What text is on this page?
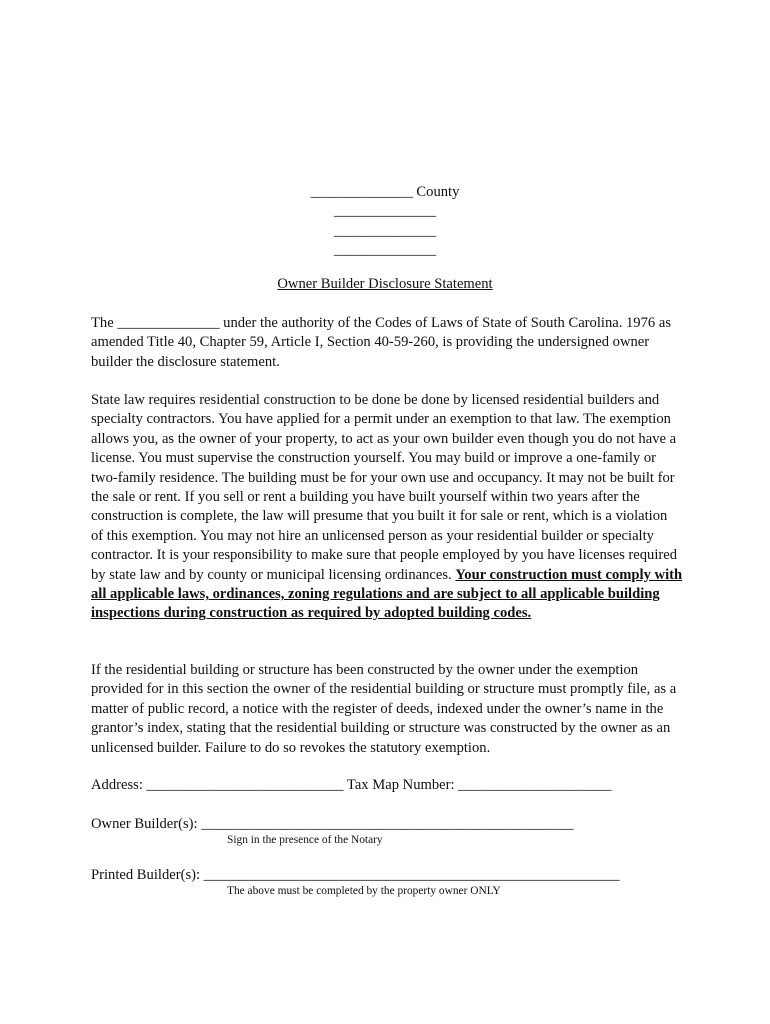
______________ County
______________
______________
______________
Owner Builder Disclosure Statement

The ______________ under the authority of the Codes of Laws of State of South Carolina. 1976 as amended Title 40, Chapter 59, Article I, Section 40-59-260, is providing the undersigned owner builder the disclosure statement.

State law requires residential construction to be done be done by licensed residential builders and specialty contractors. You have applied for a permit under an exemption to that law. The exemption allows you, as the owner of your property, to act as your own builder even though you do not have a license. You must supervise the construction yourself. You may build or improve a one-family or two-family residence. The building must be for your own use and occupancy. It may not be built for the sale or rent. If you sell or rent a building you have built yourself within two years after the construction is complete, the law will presume that you built it for sale or rent, which is a violation of this exemption. You may not hire an unlicensed person as your residential builder or specialty contractor. It is your responsibility to make sure that people employed by you have licenses required by state law and by county or municipal licensing ordinances. Your construction must comply with all applicable laws, ordinances, zoning regulations and are subject to all applicable building inspections during construction as required by adopted building codes.

If the residential building or structure has been constructed by the owner under the exemption provided for in this section the owner of the residential building or structure must promptly file, as a matter of public record, a notice with the register of deeds, indexed under the owner’s name in the grantor’s index, stating that the residential building or structure was constructed by the owner as an unlicensed builder. Failure to do so revokes the statutory exemption.

Address: ___________________________ Tax Map Number: _____________________
Owner Builder(s): ___________________________________________________
Sign in the presence of the Notary
Printed Builder(s): _________________________________________________________
The above must be completed by the property owner ONLY
